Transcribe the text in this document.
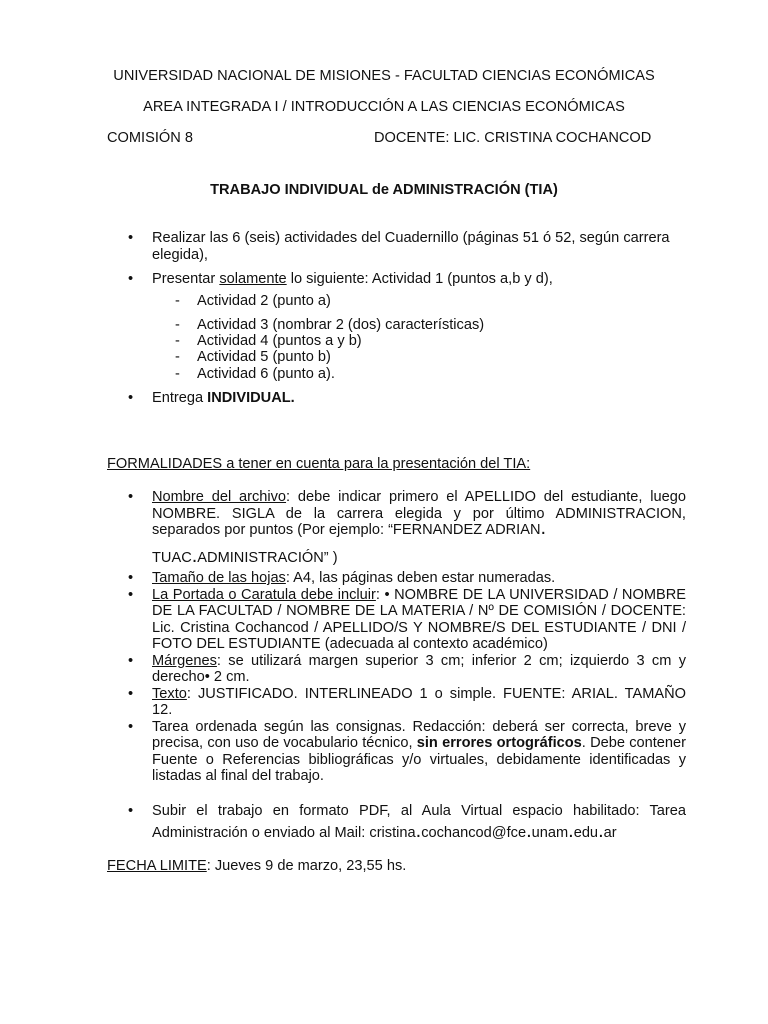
UNIVERSIDAD NACIONAL DE MISIONES - FACULTAD CIENCIAS ECONÓMICAS
AREA INTEGRADA I / INTRODUCCIÓN A LAS CIENCIAS ECONÓMICAS
COMISIÓN 8	DOCENTE: LIC. CRISTINA COCHANCOD
TRABAJO INDIVIDUAL de ADMINISTRACIÓN (TIA)
• Realizar las 6 (seis) actividades del Cuadernillo (páginas 51 ó 52, según carrera elegida),
• Presentar solamente lo siguiente: Actividad 1 (puntos a,b y d),
- Actividad 2 (punto a)
- Actividad 3 (nombrar 2 (dos) características)
- Actividad 4 (puntos a y b)
- Actividad 5 (punto b)
- Actividad 6 (punto a).
• Entrega INDIVIDUAL.
FORMALIDADES a tener en cuenta para la presentación del TIA:
• Nombre del archivo: debe indicar primero el APELLIDO del estudiante, luego NOMBRE. SIGLA de la carrera elegida y por último ADMINISTRACION, separados por puntos (Por ejemplo: “FERNANDEZ ADRIAN.
TUAC.ADMINISTRACIÓN” )
• Tamaño de las hojas: A4, las páginas deben estar numeradas.
• La Portada o Caratula debe incluir: • NOMBRE DE LA UNIVERSIDAD / NOMBRE DE LA FACULTAD / NOMBRE DE LA MATERIA / Nº DE COMISIÓN / DOCENTE: Lic. Cristina Cochancod / APELLIDO/S Y NOMBRE/S DEL ESTUDIANTE / DNI / FOTO DEL ESTUDIANTE (adecuada al contexto académico)
• Márgenes: se utilizará margen superior 3 cm; inferior 2 cm; izquierdo 3 cm y derecho• 2 cm.
• Texto: JUSTIFICADO. INTERLINEADO 1 o simple. FUENTE: ARIAL. TAMAÑO 12.
• Tarea ordenada según las consignas. Redacción: deberá ser correcta, breve y precisa, con uso de vocabulario técnico, sin errores ortográficos. Debe contener Fuente o Referencias bibliográficas y/o virtuales, debidamente identificadas y listadas al final del trabajo.
• Subir el trabajo en formato PDF, al Aula Virtual espacio habilitado: Tarea Administración o enviado al Mail: cristina.cochancod@fce.unam.edu.ar
FECHA LIMITE: Jueves 9 de marzo, 23,55 hs.
